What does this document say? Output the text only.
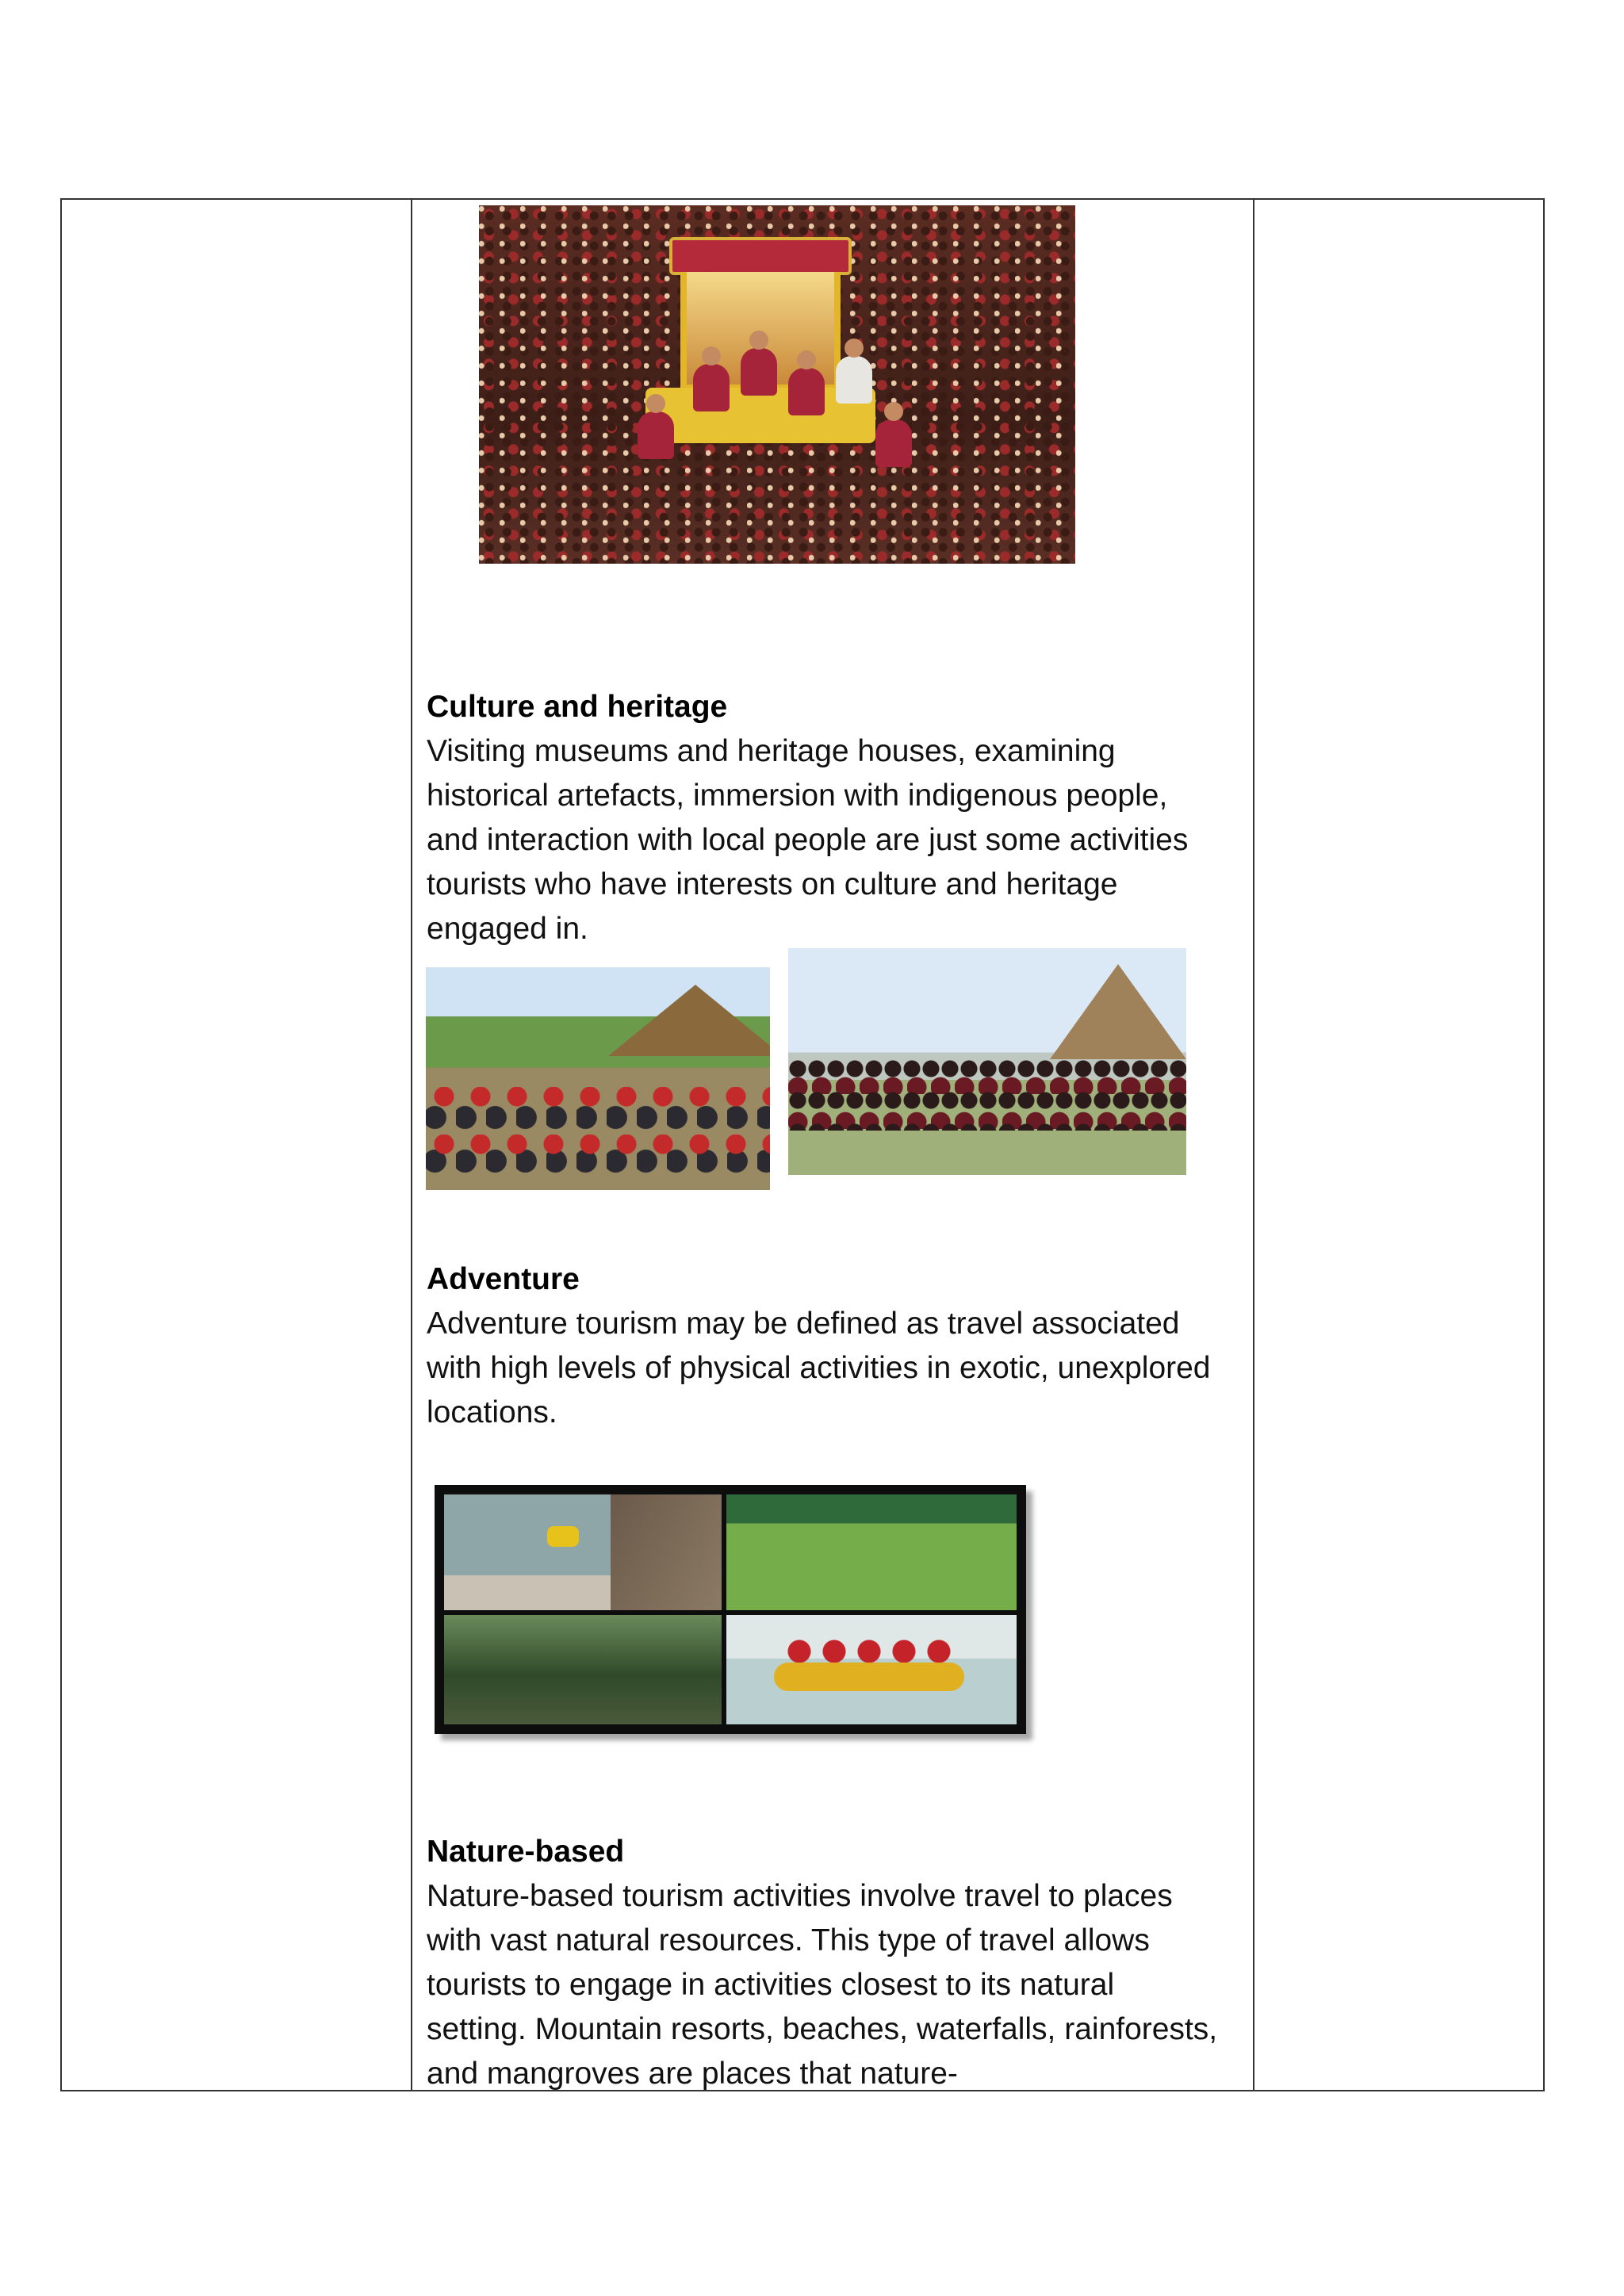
Culture and heritage
Visiting museums and heritage houses, examining historical artefacts, immersion with indigenous people, and interaction with local people are just some activities tourists who have interests on culture and heritage engaged in.
Adventure
Adventure tourism may be defined as travel associated with high levels of physical activities in exotic, unexplored locations.
Nature-based
Nature-based tourism activities involve travel to places with vast natural resources. This type of travel allows tourists to engage in activities closest to its natural setting. Mountain resorts, beaches, waterfalls, rainforests, and mangroves are places that nature-
